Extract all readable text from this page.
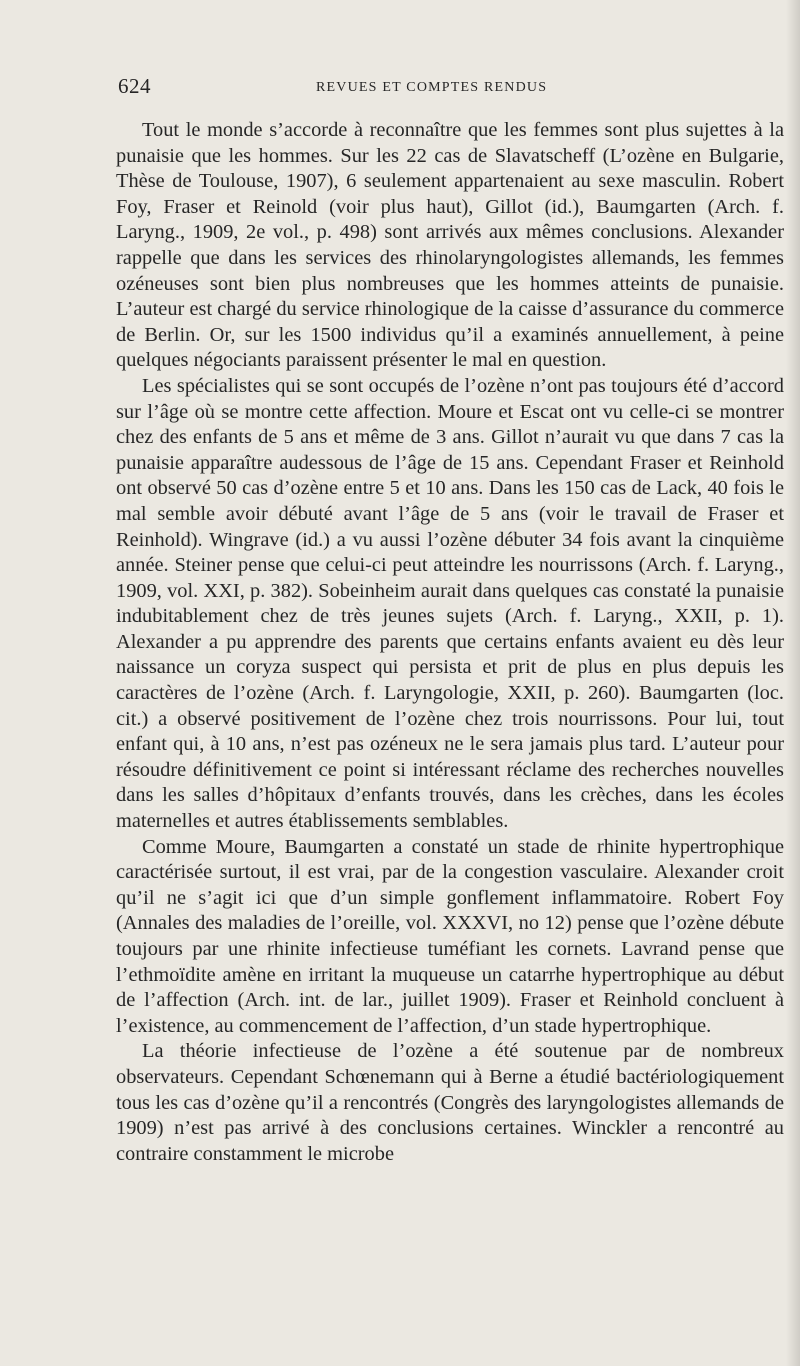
624	REVUES ET COMPTES RENDUS

Tout le monde s’accorde à reconnaître que les femmes sont plus sujettes à la punaisie que les hommes. Sur les 22 cas de Slavatscheff (L’ozène en Bulgarie, Thèse de Toulouse, 1907), 6 seulement appartenaient au sexe masculin. Robert Foy, Fraser et Reinold (voir plus haut), Gillot (id.), Baumgarten (Arch. f. Laryng., 1909, 2e vol., p. 498) sont arrivés aux mêmes conclusions. Alexander rappelle que dans les services des rhinolaryngologistes allemands, les femmes ozéneuses sont bien plus nombreuses que les hommes atteints de punaisie. L’auteur est chargé du service rhinologique de la caisse d’assurance du commerce de Berlin. Or, sur les 1500 individus qu’il a examinés annuellement, à peine quelques négociants paraissent présenter le mal en question.

Les spécialistes qui se sont occupés de l’ozène n’ont pas toujours été d’accord sur l’âge où se montre cette affection. Moure et Escat ont vu celle-ci se montrer chez des enfants de 5 ans et même de 3 ans. Gillot n’aurait vu que dans 7 cas la punaisie apparaître audessous de l’âge de 15 ans. Cependant Fraser et Reinhold ont observé 50 cas d’ozène entre 5 et 10 ans. Dans les 150 cas de Lack, 40 fois le mal semble avoir débuté avant l’âge de 5 ans (voir le travail de Fraser et Reinhold). Wingrave (id.) a vu aussi l’ozène débuter 34 fois avant la cinquième année. Steiner pense que celui-ci peut atteindre les nourrissons (Arch. f. Laryng., 1909, vol. XXI, p. 382). Sobeinheim aurait dans quelques cas constaté la punaisie indubitablement chez de très jeunes sujets (Arch. f. Laryng., XXII, p. 1). Alexander a pu apprendre des parents que certains enfants avaient eu dès leur naissance un coryza suspect qui persista et prit de plus en plus depuis les caractères de l’ozène (Arch. f. Laryngologie, XXII, p. 260). Baumgarten (loc. cit.) a observé positivement de l’ozène chez trois nourrissons. Pour lui, tout enfant qui, à 10 ans, n’est pas ozéneux ne le sera jamais plus tard. L’auteur pour résoudre définitivement ce point si intéressant réclame des recherches nouvelles dans les salles d’hôpitaux d’enfants trouvés, dans les crèches, dans les écoles maternelles et autres établissements semblables.

Comme Moure, Baumgarten a constaté un stade de rhinite hypertrophique caractérisée surtout, il est vrai, par de la congestion vasculaire. Alexander croit qu’il ne s’agit ici que d’un simple gonflement inflammatoire. Robert Foy (Annales des maladies de l’oreille, vol. XXXVI, no 12) pense que l’ozène débute toujours par une rhinite infectieuse tuméfiant les cornets. Lavrand pense que l’ethmoïdite amène en irritant la muqueuse un catarrhe hypertrophique au début de l’affection (Arch. int. de lar., juillet 1909). Fraser et Reinhold concluent à l’existence, au commencement de l’affection, d’un stade hypertrophique.

La théorie infectieuse de l’ozène a été soutenue par de nombreux observateurs. Cependant Schœnemann qui à Berne a étudié bactériologiquement tous les cas d’ozène qu’il a rencontrés (Congrès des laryngologistes allemands de 1909) n’est pas arrivé à des conclusions certaines. Winckler a rencontré au contraire constamment le microbe
